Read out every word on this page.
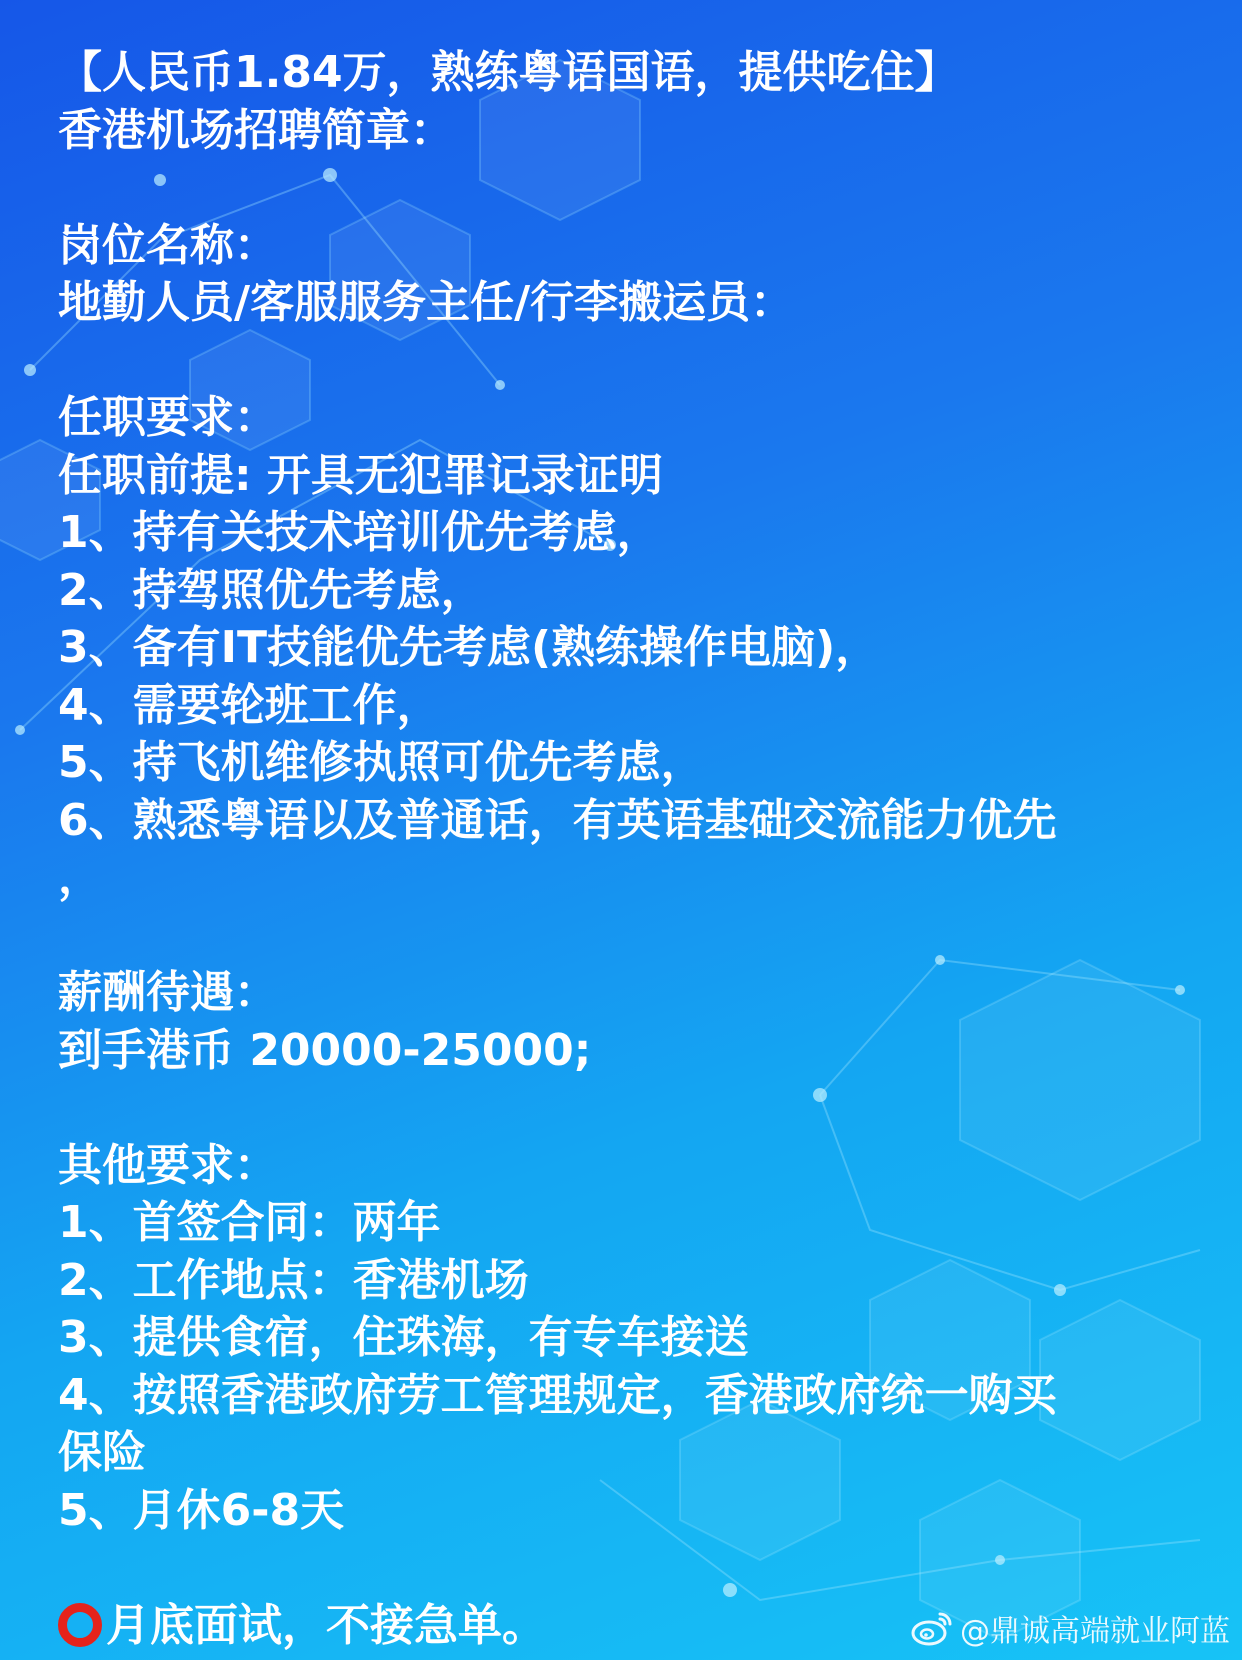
【人民币1.84万，熟练粤语国语，提供吃住】
香港机场招聘简章：
岗位名称：
地勤人员/客服服务主任/行李搬运员：
任职要求：
任职前提: 开具无犯罪记录证明
1、持有关技术培训优先考虑，
2、持驾照优先考虑，
3、备有IT技能优先考虑(熟练操作电脑)，
4、需要轮班工作，
5、持飞机维修执照可优先考虑，
6、熟悉粤语以及普通话，有英语基础交流能力优先
，
薪酬待遇：
到手港币 20000-25000;
其他要求：
1、首签合同：两年
2、工作地点：香港机场
3、提供食宿，住珠海，有专车接送
4、按照香港政府劳工管理规定，香港政府统一购买
保险
5、月休6-8天
月底面试，不接急单。	@鼎诚高端就业阿蓝
